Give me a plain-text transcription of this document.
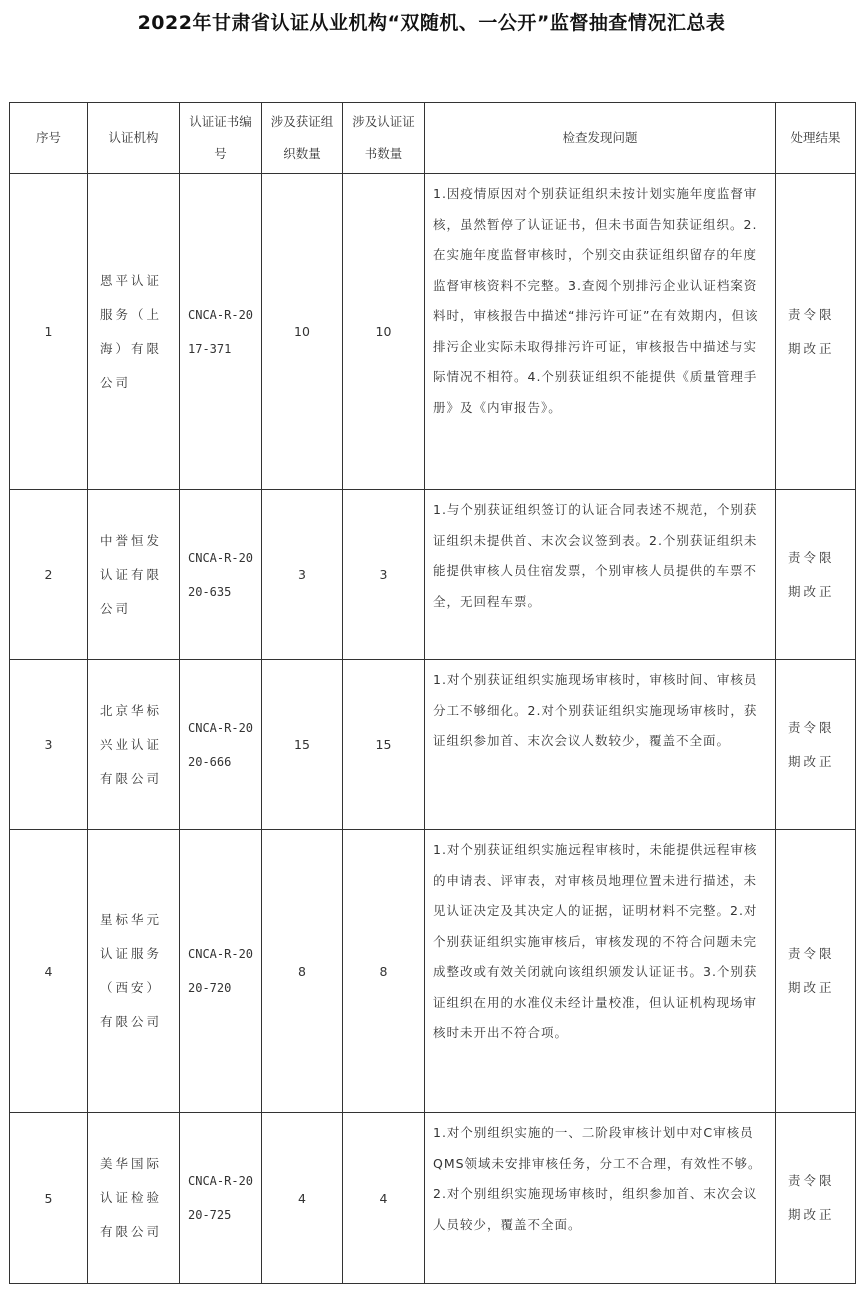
2022年甘肃省认证从业机构“双随机、一公开”监督抽查情况汇总表
序号	认证机构	认证证书编号	涉及获证组织数量	涉及认证证书数量	检查发现问题	处理结果
1	恩平认证服务（上海）有限公司	CNCA-R-2017-371	10	10	1.因疫情原因对个别获证组织未按计划实施年度监督审核，虽然暂停了认证证书，但未书面告知获证组织。2.在实施年度监督审核时，个别交由获证组织留存的年度监督审核资料不完整。3.查阅个别排污企业认证档案资料时，审核报告中描述“排污许可证”在有效期内，但该排污企业实际未取得排污许可证，审核报告中描述与实际情况不相符。4.个别获证组织不能提供《质量管理手册》及《内审报告》。	责令限期改正
2	中誉恒发认证有限公司	CNCA-R-2020-635	3	3	1.与个别获证组织签订的认证合同表述不规范，个别获证组织未提供首、末次会议签到表。2.个别获证组织未能提供审核人员住宿发票，个别审核人员提供的车票不全，无回程车票。	责令限期改正
3	北京华标兴业认证有限公司	CNCA-R-2020-666	15	15	1.对个别获证组织实施现场审核时，审核时间、审核员分工不够细化。2.对个别获证组织实施现场审核时，获证组织参加首、末次会议人数较少，覆盖不全面。	责令限期改正
4	星标华元认证服务（西安）有限公司	CNCA-R-2020-720	8	8	1.对个别获证组织实施远程审核时，未能提供远程审核的申请表、评审表，对审核员地理位置未进行描述，未见认证决定及其决定人的证据，证明材料不完整。2.对个别获证组织实施审核后，审核发现的不符合问题未完成整改或有效关闭就向该组织颁发认证证书。3.个别获证组织在用的水准仪未经计量校准，但认证机构现场审核时未开出不符合项。	责令限期改正
5	美华国际认证检验有限公司	CNCA-R-2020-725	4	4	1.对个别组织实施的一、二阶段审核计划中对C审核员QMS领域未安排审核任务，分工不合理，有效性不够。2.对个别组织实施现场审核时，组织参加首、末次会议人员较少，覆盖不全面。	责令限期改正
